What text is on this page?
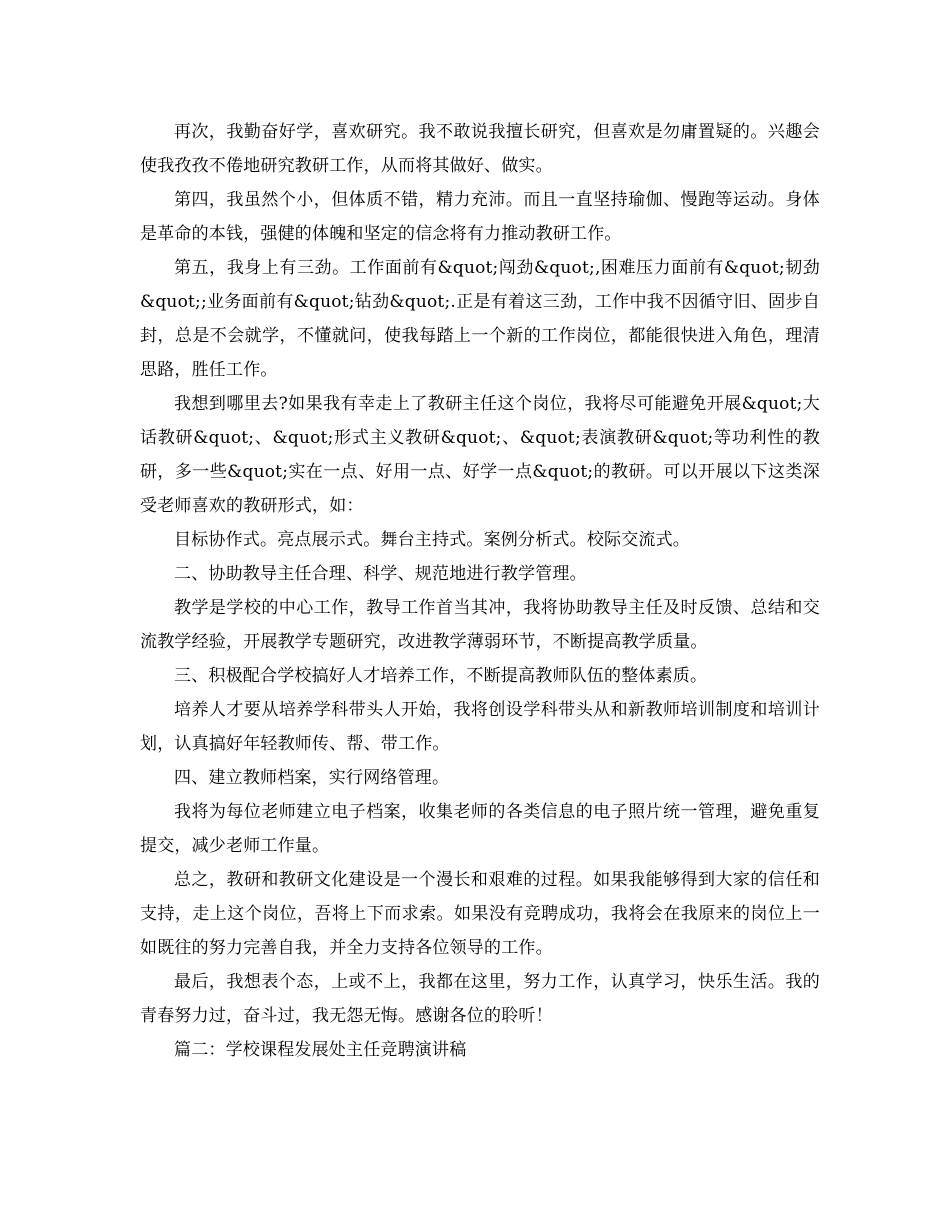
再次，我勤奋好学，喜欢研究。我不敢说我擅长研究，但喜欢是勿庸置疑的。兴趣会使我孜孜不倦地研究教研工作，从而将其做好、做实。

第四，我虽然个小，但体质不错，精力充沛。而且一直坚持瑜伽、慢跑等运动。身体是革命的本钱，强健的体魄和坚定的信念将有力推动教研工作。

第五，我身上有三劲。工作面前有&quot;闯劲&quot;,困难压力面前有&quot;韧劲&quot;;业务面前有&quot;钻劲&quot;.正是有着这三劲，工作中我不因循守旧、固步自封，总是不会就学，不懂就问，使我每踏上一个新的工作岗位，都能很快进入角色，理清思路，胜任工作。

我想到哪里去?如果我有幸走上了教研主任这个岗位，我将尽可能避免开展&quot;大话教研&quot;、&quot;形式主义教研&quot;、&quot;表演教研&quot;等功利性的教研，多一些&quot;实在一点、好用一点、好学一点&quot;的教研。可以开展以下这类深受老师喜欢的教研形式，如：

目标协作式。亮点展示式。舞台主持式。案例分析式。校际交流式。

二、协助教导主任合理、科学、规范地进行教学管理。

教学是学校的中心工作，教导工作首当其冲，我将协助教导主任及时反馈、总结和交流教学经验，开展教学专题研究，改进教学薄弱环节，不断提高教学质量。

三、积极配合学校搞好人才培养工作，不断提高教师队伍的整体素质。

培养人才要从培养学科带头人开始，我将创设学科带头从和新教师培训制度和培训计划，认真搞好年轻教师传、帮、带工作。

四、建立教师档案，实行网络管理。

我将为每位老师建立电子档案，收集老师的各类信息的电子照片统一管理，避免重复提交，减少老师工作量。

总之，教研和教研文化建设是一个漫长和艰难的过程。如果我能够得到大家的信任和支持，走上这个岗位，吾将上下而求索。如果没有竞聘成功，我将会在我原来的岗位上一如既往的努力完善自我，并全力支持各位领导的工作。

最后，我想表个态，上或不上，我都在这里，努力工作，认真学习，快乐生活。我的青春努力过，奋斗过，我无怨无悔。感谢各位的聆听！

篇二：学校课程发展处主任竞聘演讲稿
